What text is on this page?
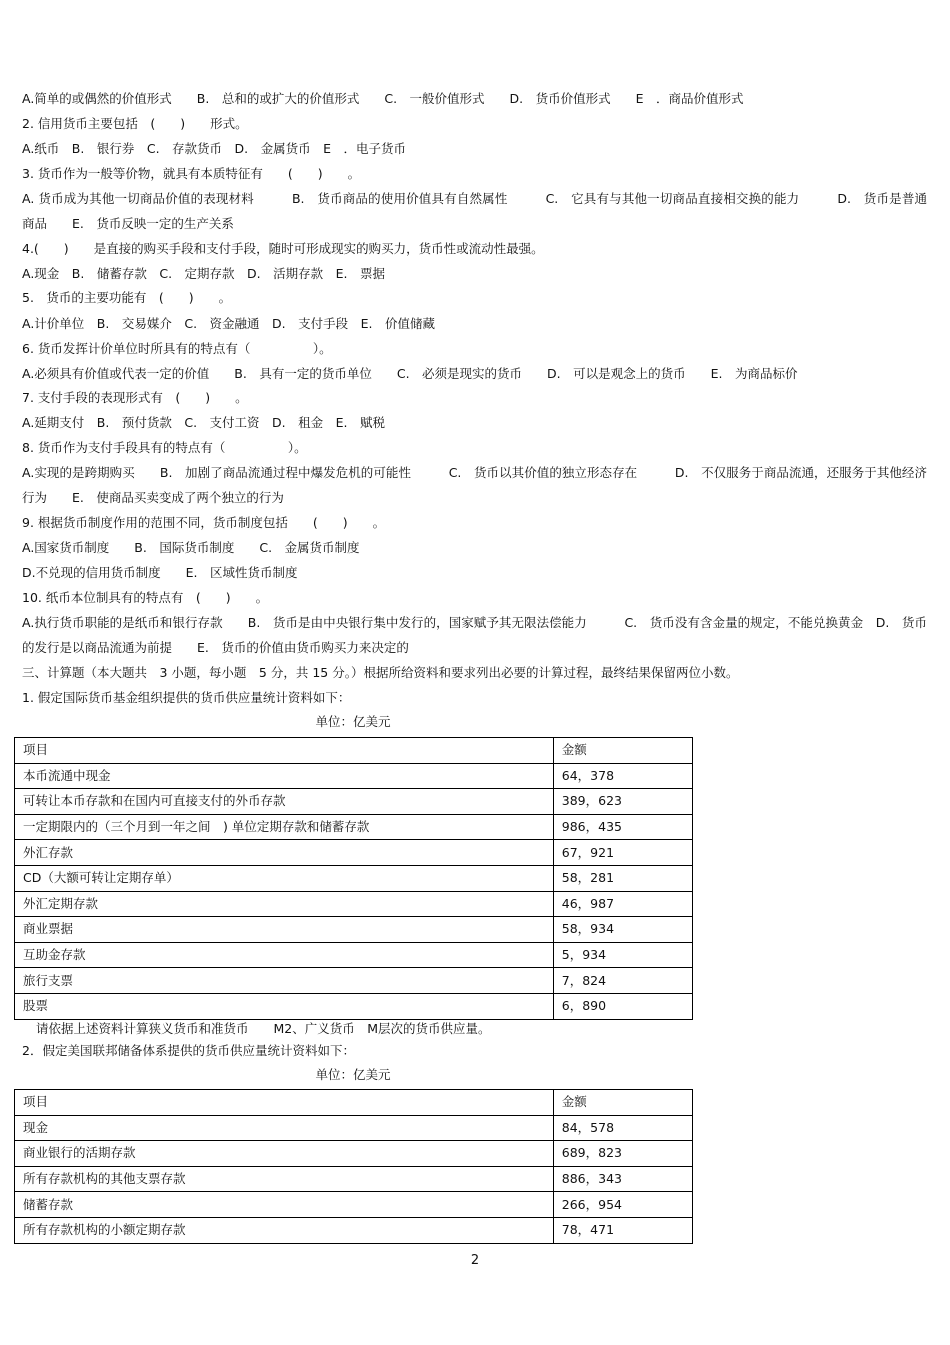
A.简单的或偶然的价值形式　　B.　总和的或扩大的价值形式　　C.　一般价值形式　　D.　货币价值形式　　E　．商品价值形式
2. 信用货币主要包括　(　　)　　形式。
A.纸币　B.　银行券　C.　存款货币　D.　金属货币　E　．电子货币
3. 货币作为一般等价物，就具有本质特征有　　(　　)　　。
A. 货币成为其他一切商品价值的表现材料　　　B.　货币商品的使用价值具有自然属性　　　C.　它具有与其他一切商品直接相交换的能力　　　D.　货币是普通商品　　E.　货币反映一定的生产关系
4.(　　)　　是直接的购买手段和支付手段，随时可形成现实的购买力，货币性或流动性最强。
A.现金　B.　储蓄存款　C.　定期存款　D.　活期存款　E.　票据
5.　货币的主要功能有　(　　)　　。
A.计价单位　B.　交易媒介　C.　资金融通　D.　支付手段　E.　价值储藏
6. 货币发挥计价单位时所具有的特点有（　　　　　）。
A.必须具有价值或代表一定的价值　　B.　具有一定的货币单位　　C.　必须是现实的货币　　D.　可以是观念上的货币　　E.　为商品标价
7. 支付手段的表现形式有　(　　)　　。
A.延期支付　B.　预付货款　C.　支付工资　D.　租金　E.　赋税
8. 货币作为支付手段具有的特点有（　　　　　）。
A.实现的是跨期购买　　B.　加剧了商品流通过程中爆发危机的可能性　　　C.　货币以其价值的独立形态存在　　　D.　不仅服务于商品流通，还服务于其他经济行为　　E.　使商品买卖变成了两个独立的行为
9. 根据货币制度作用的范围不同，货币制度包括　　(　　)　　。
A.国家货币制度　　B.　国际货币制度　　C.　金属货币制度
D.不兑现的信用货币制度　　E.　区域性货币制度
10. 纸币本位制具有的特点有　(　　)　　。
A.执行货币职能的是纸币和银行存款　　B.　货币是由中央银行集中发行的，国家赋予其无限法偿能力　　　C.　货币没有含金量的规定，不能兑换黄金　D.　货币的发行是以商品流通为前提　　E.　货币的价值由货币购买力来决定的
三、计算题（本大题共　3 小题，每小题　5 分，共 15 分。）根据所给资料和要求列出必要的计算过程，最终结果保留两位小数。
1. 假定国际货币基金组织提供的货币供应量统计资料如下：
单位：亿美元
项目	金额
本币流通中现金	64，378
可转让本币存款和在国内可直接支付的外币存款	389，623
一定期限内的（三个月到一年之间　) 单位定期存款和储蓄存款	986，435
外汇存款	67，921
CD（大额可转让定期存单）	58，281
外汇定期存款	46，987
商业票据	58，934
互助金存款	5，934
旅行支票	7，824
股票	6，890
请依据上述资料计算狭义货币和准货币　　M2、广义货币　M层次的货币供应量。
2．假定美国联邦储备体系提供的货币供应量统计资料如下：
单位：亿美元
项目	金额
现金	84，578
商业银行的活期存款	689，823
所有存款机构的其他支票存款	886，343
储蓄存款	266，954
所有存款机构的小额定期存款	78，471
2
